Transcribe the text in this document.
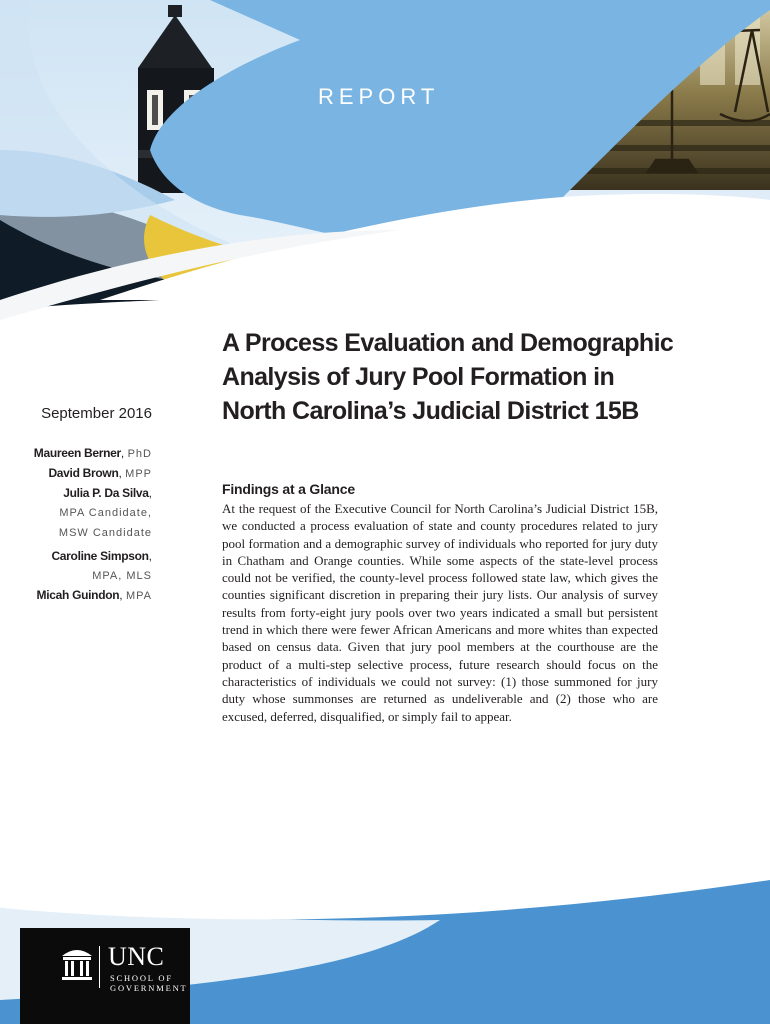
REPORT
A Process Evaluation and Demographic
Analysis of Jury Pool Formation in
North Carolina’s Judicial District 15B
September 2016
Maureen Berner, PhD
David Brown, MPP
Julia P. Da Silva,
MPA Candidate,
MSW Candidate
Caroline Simpson,
MPA, MLS
Micah Guindon, MPA
Findings at a Glance

At the request of the Executive Council for North Carolina’s Judicial District 15B, we conducted a process evaluation of state and county procedures related to jury pool formation and a demographic survey of individuals who reported for jury duty in Chatham and Orange counties. While some aspects of the state-level process could not be verified, the county-level process followed state law, which gives the counties significant discretion in preparing their jury lists. Our analysis of survey results from forty-eight jury pools over two years indicated a small but persistent trend in which there were fewer African Americans and more whites than expected based on census data. Given that jury pool members at the courthouse are the product of a multi-step selective process, future research should focus on the characteristics of individuals we could not survey: (1) those summoned for jury duty whose summonses are returned as undeliverable and (2) those who are excused, deferred, disqualified, or simply fail to appear.

UNC
SCHOOL OF
GOVERNMENT
